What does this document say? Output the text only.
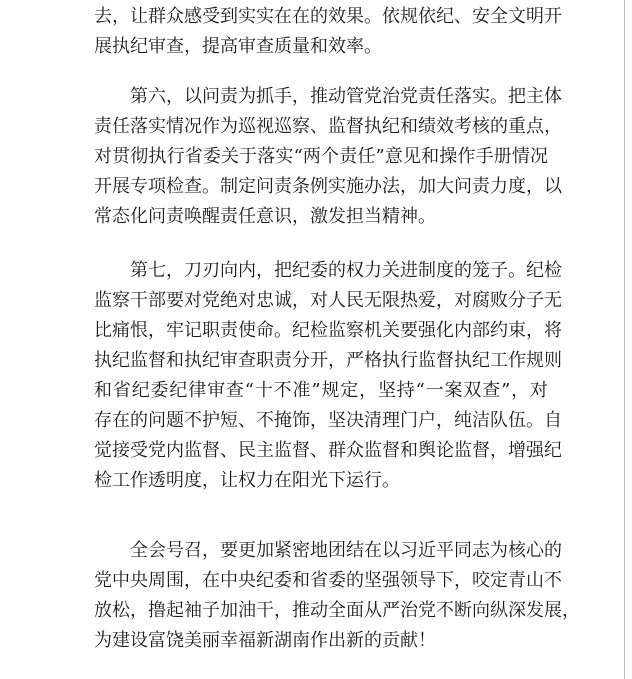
去，让群众感受到实实在在的效果。依规依纪、安全文明开
展执纪审查，提高审查质量和效率。
第六，以问责为抓手，推动管党治党责任落实。把主体
责任落实情况作为巡视巡察、监督执纪和绩效考核的重点，
对贯彻执行省委关于落实“两个责任”意见和操作手册情况
开展专项检查。制定问责条例实施办法，加大问责力度，以
常态化问责唤醒责任意识，激发担当精神。
第七，刀刃向内，把纪委的权力关进制度的笼子。纪检
监察干部要对党绝对忠诚，对人民无限热爱，对腐败分子无
比痛恨，牢记职责使命。纪检监察机关要强化内部约束，将
执纪监督和执纪审查职责分开，严格执行监督执纪工作规则
和省纪委纪律审查“十不准”规定，坚持“一案双查”，对
存在的问题不护短、不掩饰，坚决清理门户，纯洁队伍。自
觉接受党内监督、民主监督、群众监督和舆论监督，增强纪
检工作透明度，让权力在阳光下运行。
全会号召，要更加紧密地团结在以习近平同志为核心的
党中央周围，在中央纪委和省委的坚强领导下，咬定青山不
放松，撸起袖子加油干，推动全面从严治党不断向纵深发展，
为建设富饶美丽幸福新湖南作出新的贡献！
